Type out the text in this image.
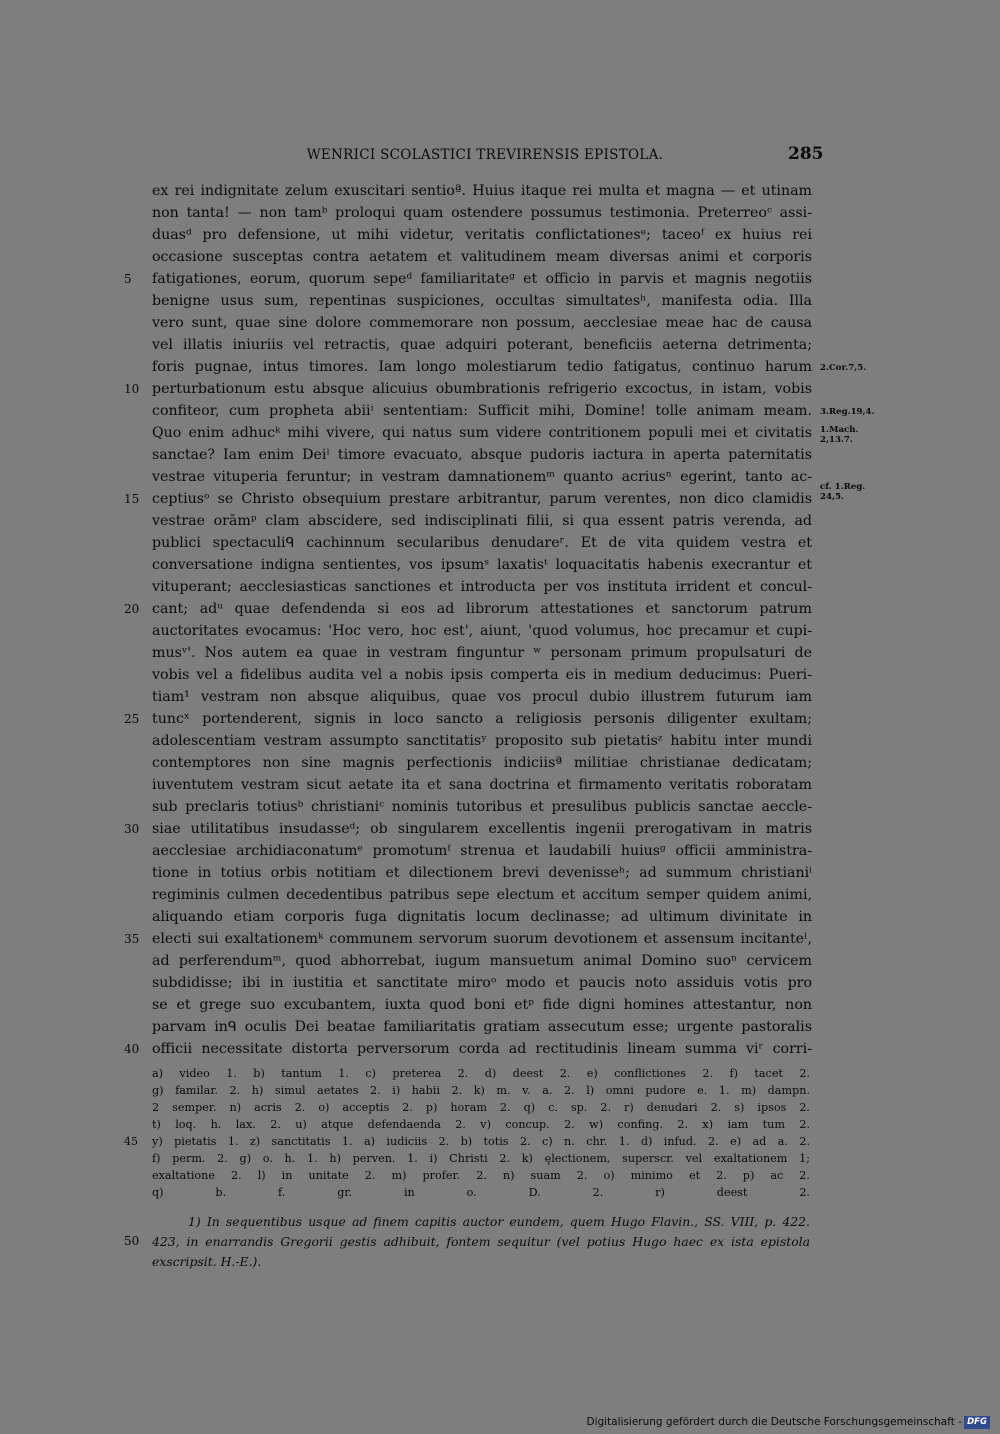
WENRICI SCOLASTICI TREVIRENSIS EPISTOLA.	285
ex rei indignitate zelum exuscitari sentioª. Huius itaque rei multa et magna — et utinam
non tanta! — non tamᵇ proloqui quam ostendere possumus testimonia. Preterreoᶜ assi-
duasᵈ pro defensione, ut mihi videtur, veritatis conflictationesᵉ; taceoᶠ ex huius rei
occasione susceptas contra aetatem et valitudinem meam diversas animi et corporis
fatigationes, eorum, quorum sepeᵈ familiaritateᵍ et officio in parvis et magnis negotiis
benigne usus sum, repentinas suspiciones, occultas simultatesʰ, manifesta odia. Illa
vero sunt, quae sine dolore commemorare non possum, aecclesiae meae hac de causa
vel illatis iniuriis vel retractis, quae adquiri poterant, beneficiis aeterna detrimenta;
foris pugnae, intus timores. Iam longo molestiarum tedio fatigatus, continuo harum
perturbationum estu absque alicuius obumbrationis refrigerio excoctus, in istam, vobis
confiteor, cum propheta abiiⁱ sententiam: Sufficit mihi, Domine! tolle animam meam.
Quo enim adhucᵏ mihi vivere, qui natus sum videre contritionem populi mei et civitatis
sanctae? Iam enim Deiˡ timore evacuato, absque pudoris iactura in aperta paternitatis
vestrae vituperia feruntur; in vestram damnationemᵐ quanto acriusⁿ egerint, tanto ac-
ceptiusᵒ se Christo obsequium prestare arbitrantur, parum verentes, non dico clamidis
vestrae orāmᵖ clam abscidere, sed indisciplinati filii, si qua essent patris verenda, ad
publici spectaculiᑫ cachinnum secularibus denudareʳ. Et de vita quidem vestra et
conversatione indigna sentientes, vos ipsumˢ laxatisᵗ loquacitatis habenis execrantur et
vituperant; aecclesiasticas sanctiones et introducta per vos instituta irrident et concul-
cant; adᵘ quae defendenda si eos ad librorum attestationes et sanctorum patrum
auctoritates evocamus: 'Hoc vero, hoc est', aiunt, 'quod volumus, hoc precamur et cupi-
musᵛ'. Nos autem ea quae in vestram finguntur ʷ personam primum propulsaturi de
vobis vel a fidelibus audita vel a nobis ipsis comperta eis in medium deducimus: Pueri-
tiam¹ vestram non absque aliquibus, quae vos procul dubio illustrem futurum iam
tuncˣ portenderent, signis in loco sancto a religiosis personis diligenter exultam;
adolescentiam vestram assumpto sanctitatisʸ proposito sub pietatisᶻ habitu inter mundi
contemptores non sine magnis perfectionis indiciisª militiae christianae dedicatam;
iuventutem vestram sicut aetate ita et sana doctrina et firmamento veritatis roboratam
sub preclaris totiusᵇ christianiᶜ nominis tutoribus et presulibus publicis sanctae aeccle-
siae utilitatibus insudasseᵈ; ob singularem excellentis ingenii prerogativam in matris
aecclesiae archidiaconatumᵉ promotumᶠ strenua et laudabili huiusᵍ officii amministra-
tione in totius orbis notitiam et dilectionem brevi devenisseʰ; ad summum christianiⁱ
regiminis culmen decedentibus patribus sepe electum et accitum semper quidem animi,
aliquando etiam corporis fuga dignitatis locum declinasse; ad ultimum divinitate in
electi sui exaltationemᵏ communem servorum suorum devotionem et assensum incitanteˡ,
ad perferendumᵐ, quod abhorrebat, iugum mansuetum animal Domino suoⁿ cervicem
subdidisse; ibi in iustitia et sanctitate miroᵒ modo et paucis noto assiduis votis pro
se et grege suo excubantem, iuxta quod boni etᵖ fide digni homines attestantur, non
parvam inᑫ oculis Dei beatae familiaritatis gratiam assecutum esse; urgente pastoralis
officii necessitate distorta perversorum corda ad rectitudinis lineam summa viʳ corri-
5
10
15
20
25
30
35
40
2.Cor.7,5.
3.Reg.19,4.
1.Mach.
2,13.7.
cf. 1.Reg.
24,5.
a) video 1. b) tantum 1. c) preterea 2. d) deest 2. e) conflictiones 2. f) tacet 2.
g) familar. 2. h) simul aetates 2. i) habii 2. k) m. v. a. 2. l) omni pudore e. 1. m) dampn.
2 semper. n) acris 2. o) acceptis 2. p) horam 2. q) c. sp. 2. r) denudari 2. s) ipsos 2.
t) loq. h. lax. 2. u) atque defendaenda 2. v) concup. 2. w) confing. 2. x) iam tum 2.
y) pietatis 1. z) sanctitatis 1. a) iudiciis 2. b) totis 2. c) n. chr. 1. d) infud. 2. e) ad a. 2.
f) perm. 2. g) o. h. 1. h) perven. 1. i) Christi 2. k) ęlectionem, superscr. vel exaltationem 1;
exaltatione 2. l) in unitate 2. m) profer. 2. n) suam 2. o) minimo et 2. p) ac 2.
q) b. f. gr. in o. D. 2. r) deest 2.
45
1) In sequentibus usque ad finem capitis auctor eundem, quem Hugo Flavin., SS. VIII, p. 422.
423, in enarrandis Gregorii gestis adhibuit, fontem sequitur (vel potius Hugo haec ex ista epistola
exscripsit. H.-E.).
50
Digitalisierung gefördert durch die Deutsche Forschungsgemeinschaft - DFG
